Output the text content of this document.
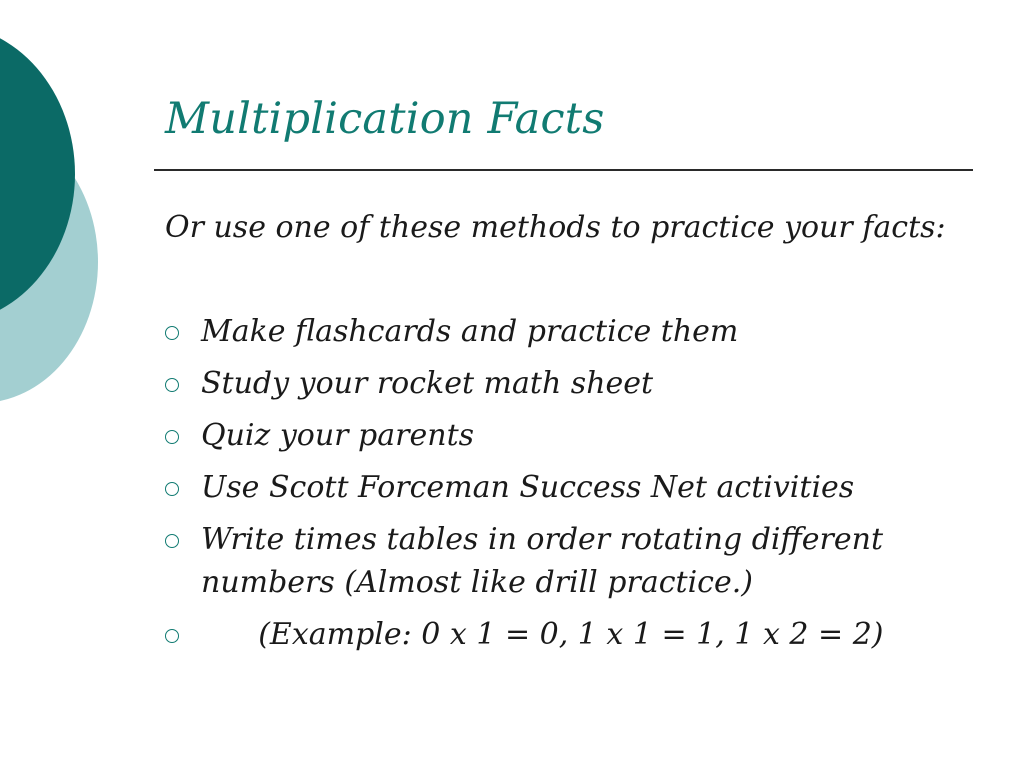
Multiplication Facts

Or use one of these methods to practice your facts:

Make flashcards and practice them
Study your rocket math sheet
Quiz your parents
Use Scott Forceman Success Net activities
Write times tables in order rotating different
numbers (Almost like drill practice.)
(Example: 0 x 1 = 0, 1 x 1 = 1, 1 x 2 = 2)
